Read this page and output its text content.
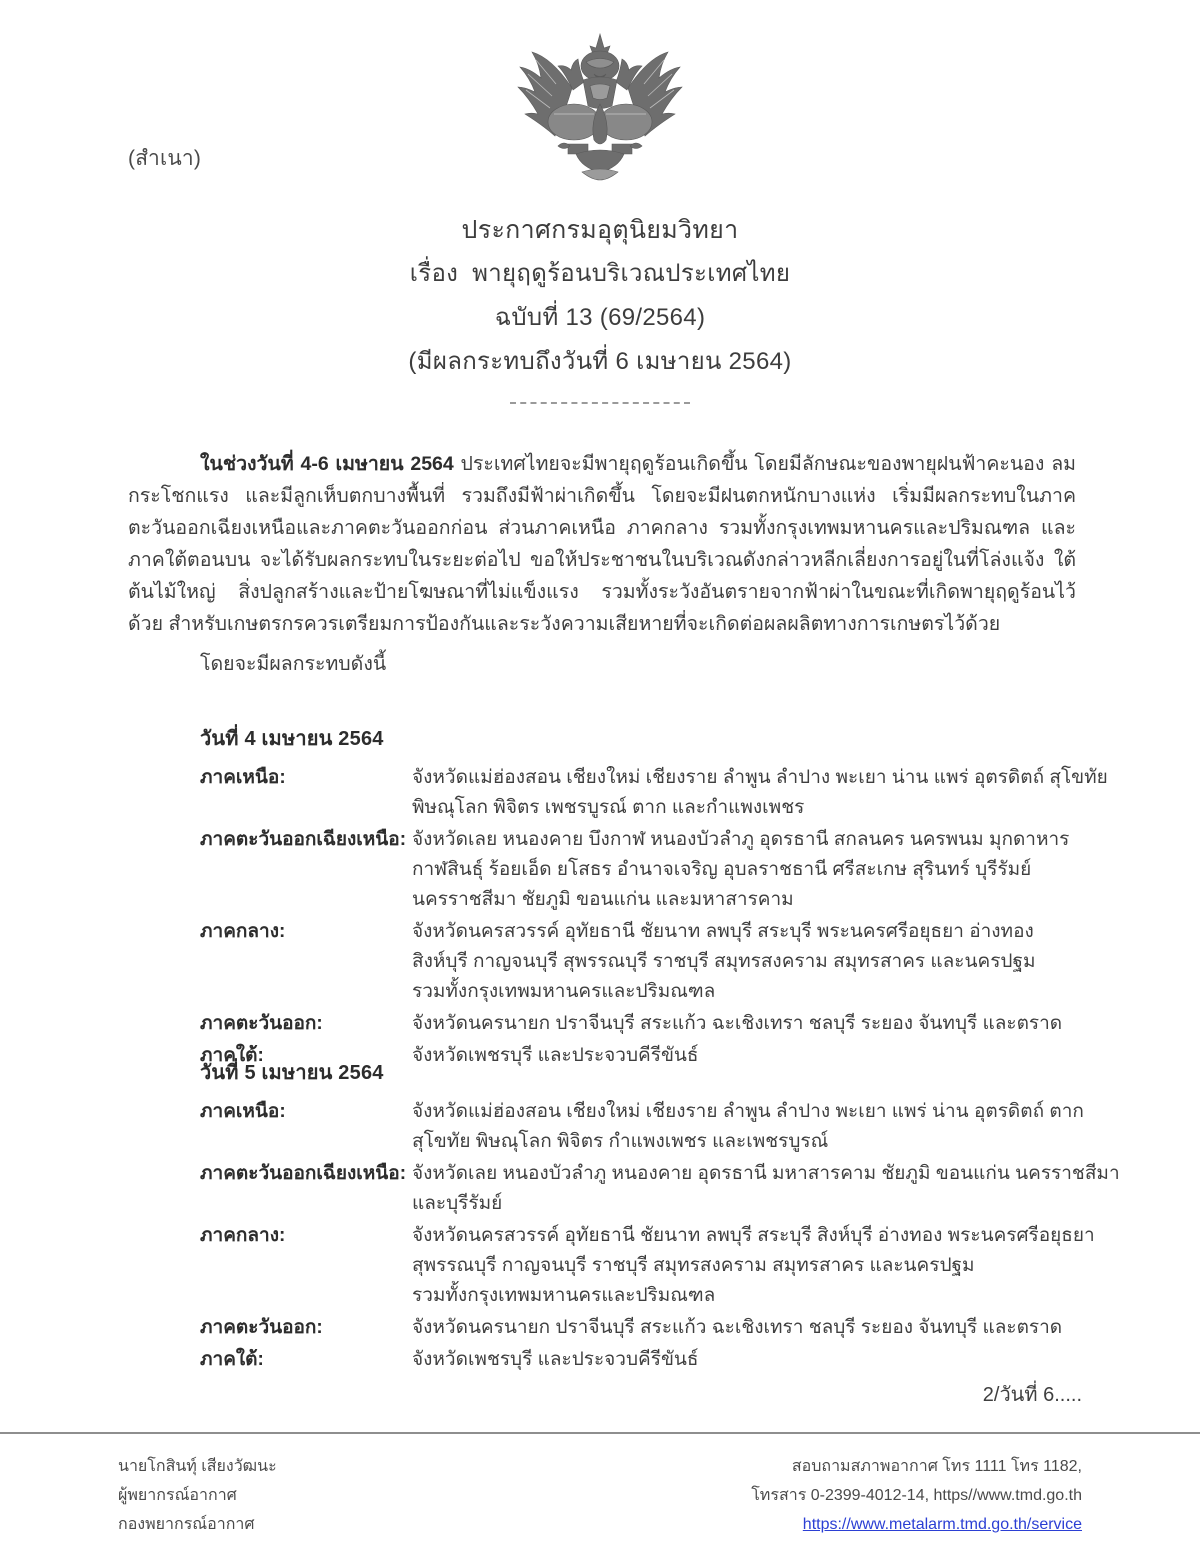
(สำเนา)
ประกาศกรมอุตุนิยมวิทยา
เรื่อง  พายุฤดูร้อนบริเวณประเทศไทย
ฉบับที่ 13 (69/2564)
(มีผลกระทบถึงวันที่ 6 เมษายน 2564)

ในช่วงวันที่ 4-6 เมษายน 2564 ประเทศไทยจะมีพายุฤดูร้อนเกิดขึ้น โดยมีลักษณะของพายุฝนฟ้าคะนอง ลมกระโชกแรง และมีลูกเห็บตกบางพื้นที่ รวมถึงมีฟ้าผ่าเกิดขึ้น โดยจะมีฝนตกหนักบางแห่ง เริ่มมีผลกระทบในภาคตะวันออกเฉียงเหนือและภาคตะวันออกก่อน ส่วนภาคเหนือ ภาคกลาง รวมทั้งกรุงเทพมหานครและปริมณฑล และภาคใต้ตอนบน จะได้รับผลกระทบในระยะต่อไป ขอให้ประชาชนในบริเวณดังกล่าวหลีกเลี่ยงการอยู่ในที่โล่งแจ้ง ใต้ต้นไม้ใหญ่ สิ่งปลูกสร้างและป้ายโฆษณาที่ไม่แข็งแรง รวมทั้งระวังอันตรายจากฟ้าผ่าในขณะที่เกิดพายุฤดูร้อนไว้ด้วย สำหรับเกษตรกรควรเตรียมการป้องกันและระวังความเสียหายที่จะเกิดต่อผลผลิตทางการเกษตรไว้ด้วย

โดยจะมีผลกระทบดังนี้
วันที่ 4 เมษายน 2564
ภาคเหนือ:	จังหวัดแม่ฮ่องสอน เชียงใหม่ เชียงราย ลำพูน ลำปาง พะเยา น่าน แพร่ อุตรดิตถ์ สุโขทัย
พิษณุโลก พิจิตร เพชรบูรณ์ ตาก และกำแพงเพชร
ภาคตะวันออกเฉียงเหนือ: จังหวัดเลย หนองคาย บึงกาฬ หนองบัวลำภู อุดรธานี สกลนคร นครพนม มุกดาหาร
กาฬสินธุ์ ร้อยเอ็ด ยโสธร อำนาจเจริญ อุบลราชธานี ศรีสะเกษ สุรินทร์ บุรีรัมย์
นครราชสีมา ชัยภูมิ ขอนแก่น และมหาสารคาม
ภาคกลาง:	จังหวัดนครสวรรค์ อุทัยธานี ชัยนาท ลพบุรี สระบุรี พระนครศรีอยุธยา อ่างทอง
สิงห์บุรี กาญจนบุรี สุพรรณบุรี ราชบุรี สมุทรสงคราม สมุทรสาคร และนครปฐม
รวมทั้งกรุงเทพมหานครและปริมณฑล
ภาคตะวันออก:	จังหวัดนครนายก ปราจีนบุรี สระแก้ว ฉะเชิงเทรา ชลบุรี ระยอง จันทบุรี และตราด
ภาคใต้:	จังหวัดเพชรบุรี และประจวบคีรีขันธ์
วันที่ 5 เมษายน 2564
ภาคเหนือ:	จังหวัดแม่ฮ่องสอน เชียงใหม่ เชียงราย ลำพูน ลำปาง พะเยา แพร่ น่าน อุตรดิตถ์ ตาก
สุโขทัย พิษณุโลก พิจิตร กำแพงเพชร และเพชรบูรณ์
ภาคตะวันออกเฉียงเหนือ: จังหวัดเลย หนองบัวลำภู หนองคาย อุดรธานี มหาสารคาม ชัยภูมิ ขอนแก่น นครราชสีมา
และบุรีรัมย์
ภาคกลาง:	จังหวัดนครสวรรค์ อุทัยธานี ชัยนาท ลพบุรี สระบุรี สิงห์บุรี อ่างทอง พระนครศรีอยุธยา
สุพรรณบุรี กาญจนบุรี ราชบุรี สมุทรสงคราม สมุทรสาคร และนครปฐม
รวมทั้งกรุงเทพมหานครและปริมณฑล
ภาคตะวันออก:	จังหวัดนครนายก ปราจีนบุรี สระแก้ว ฉะเชิงเทรา ชลบุรี ระยอง จันทบุรี และตราด
ภาคใต้:	จังหวัดเพชรบุรี และประจวบคีรีขันธ์
2/วันที่ 6.....
นายโกสินทุ์ เสียงวัฒนะ
ผู้พยากรณ์อากาศ
กองพยากรณ์อากาศ
สอบถามสภาพอากาศ โทร 1111 โทร 1182,
โทรสาร 0-2399-4012-14, https//www.tmd.go.th
https://www.metalarm.tmd.go.th/service
